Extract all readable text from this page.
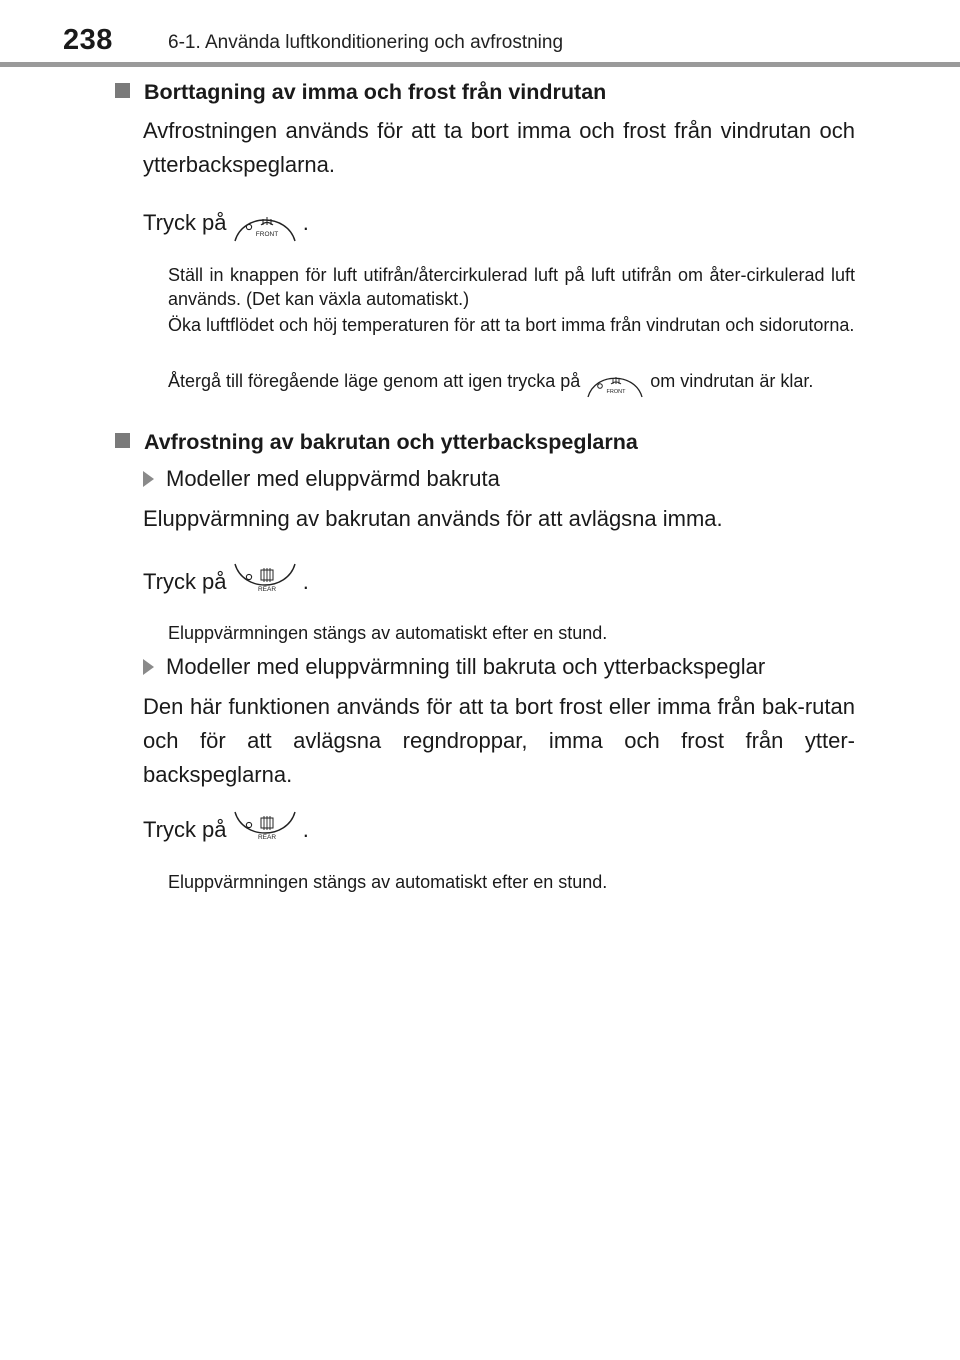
238	6-1. Använda luftkonditionering och avfrostning
Borttagning av imma och frost från vindrutan
Avfrostningen används för att ta bort imma och frost från vindrutan och ytterbackspeglarna.
Tryck på	FRONT .
Ställ in knappen för luft utifrån/återcirkulerad luft på luft utifrån om åter-cirkulerad luft används. (Det kan växla automatiskt.)
Öka luftflödet och höj temperaturen för att ta bort imma från vindrutan och sidorutorna.
Återgå till föregående läge genom att igen trycka på
FRONT
om vindrutan är klar.
Avfrostning av bakrutan och ytterbackspeglarna
Modeller med eluppvärmd bakruta
Eluppvärmning av bakrutan används för att avlägsna imma.
Tryck på	REAR .
Eluppvärmningen stängs av automatiskt efter en stund.
Modeller med eluppvärmning till bakruta och ytterbackspeglar
Den här funktionen används för att ta bort frost eller imma från bak-rutan och för att avlägsna regndroppar, imma och frost från ytter-backspeglarna.
Tryck på	REAR .
Eluppvärmningen stängs av automatiskt efter en stund.
